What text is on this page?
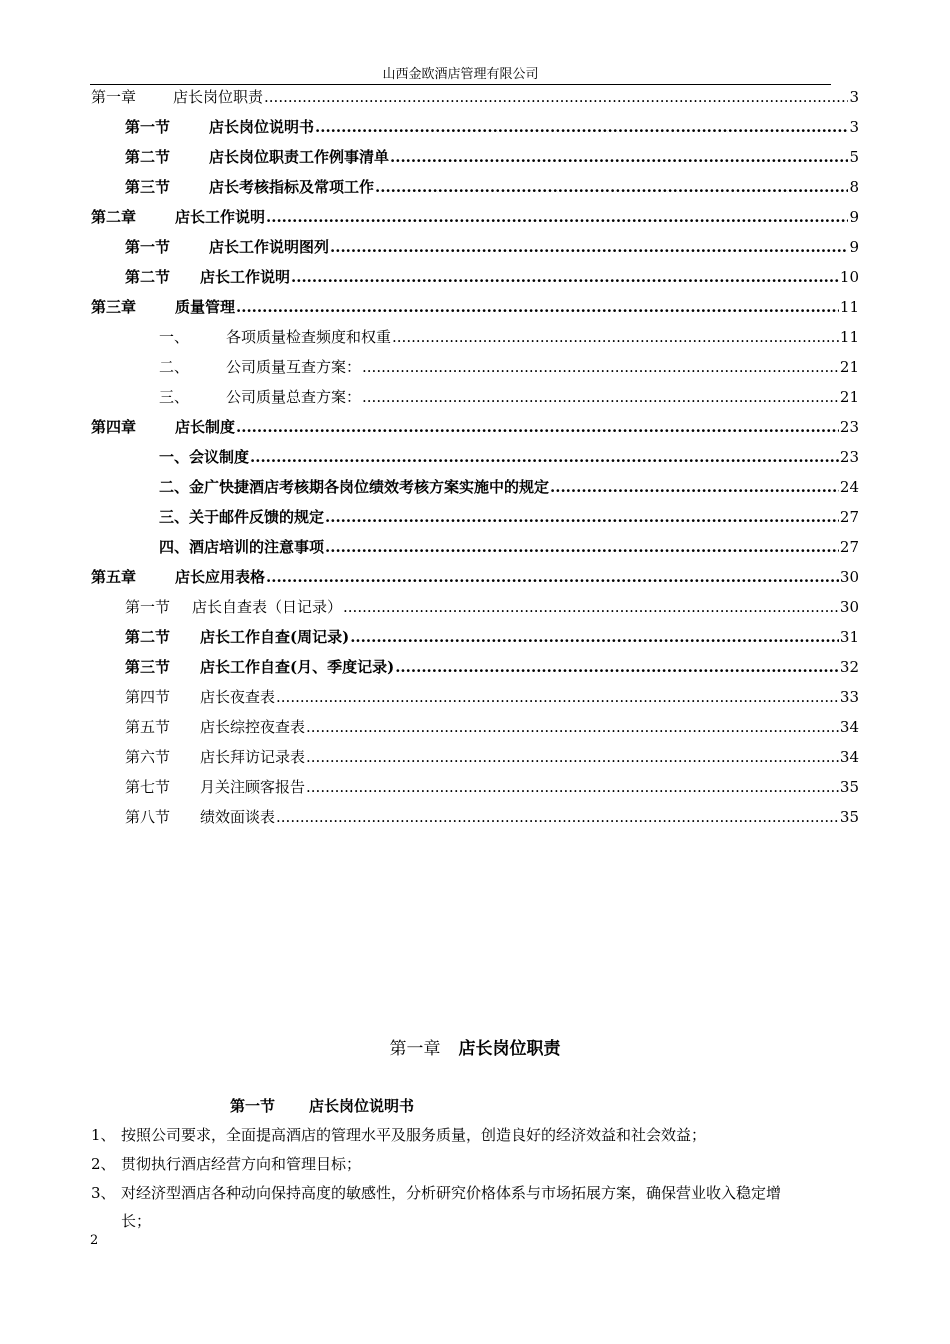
山西金欧酒店管理有限公司
第一章	店长岗位职责 .....	3
第一节	店长岗位说明书 .....	3
第二节	店长岗位职责工作例事清单 .....	5
第三节	店长考核指标及常项工作 .....	8
第二章	店长工作说明 .....	9
第一节	店长工作说明图列 .....	9
第二节	店长工作说明 .....	10
第三章	质量管理 .....	11
一、	各项质量检查频度和权重 .....	11
二、	公司质量互查方案： .....	21
三、	公司质量总查方案： .....	21
第四章	店长制度 .....	23
一、会议制度 .....	23
二、金广快捷酒店考核期各岗位绩效考核方案实施中的规定 .....	24
三、关于邮件反馈的规定 .....	27
四、酒店培训的注意事项 .....	27
第五章	店长应用表格 .....	30
第一节	店长自查表（日记录） .....	30
第二节	店长工作自查(周记录) .....	31
第三节	店长工作自查(月、季度记录) .....	32
第四节	店长夜查表 .....	33
第五节	店长综控夜查表 .....	34
第六节	店长拜访记录表 .....	34
第七节	月关注顾客报告 .....	35
第八节	绩效面谈表 .....	35
第一章 店长岗位职责
第一节 店长岗位说明书
1、 按照公司要求，全面提高酒店的管理水平及服务质量，创造良好的经济效益和社会效益；
2、 贯彻执行酒店经营方向和管理目标；
3、 对经济型酒店各种动向保持高度的敏感性，分析研究价格体系与市场拓展方案，确保营业收入稳定增
长；
2
